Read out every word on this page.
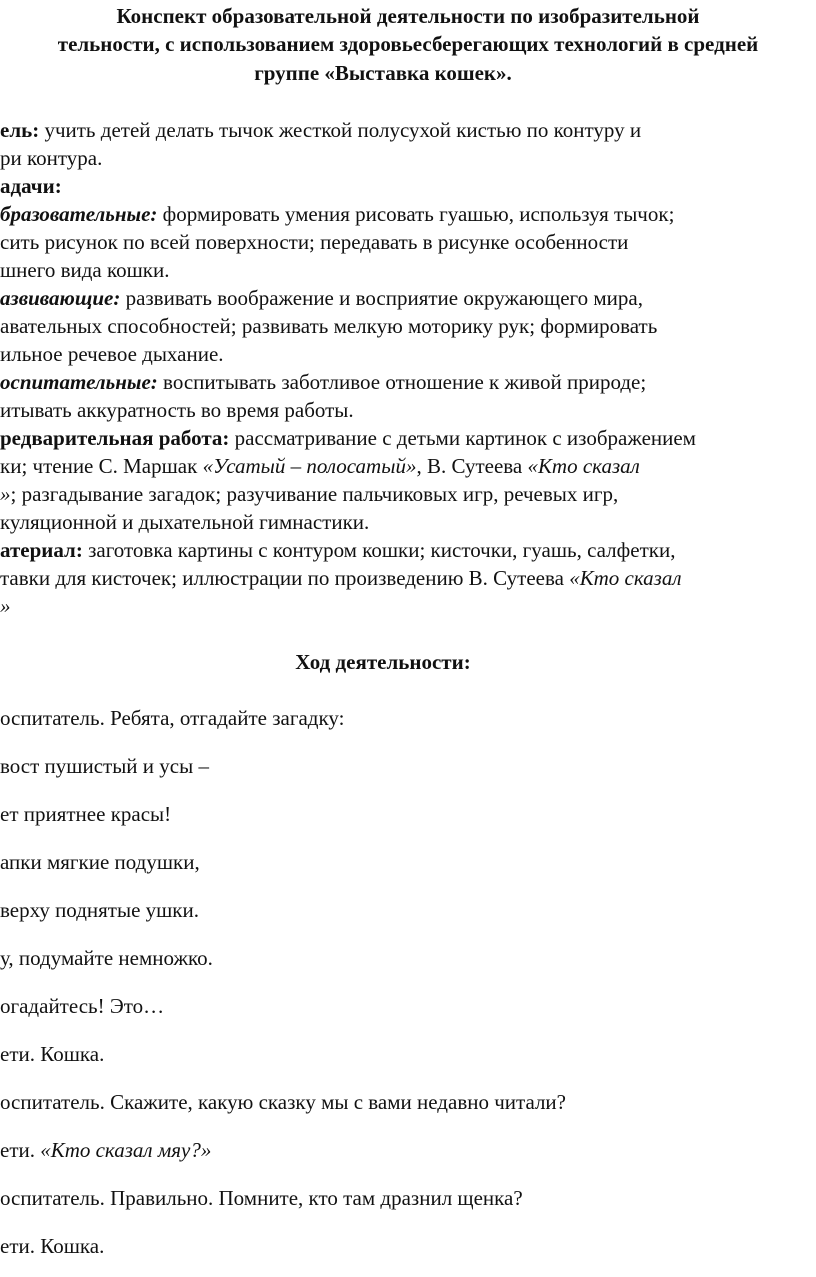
Конспект образовательной деятельности по изобразительной
тельности, с использованием здоровьесберегающих технологий в средней
группе «Выставка кошек».
ель: учить детей делать тычок жесткой полусухой кистью по контуру и
ри контура.
адачи:
бразовательные: формировать умения рисовать гуашью, используя тычок;
сить рисунок по всей поверхности; передавать в рисунке особенности
шнего вида кошки.
азвивающие: развивать воображение и восприятие окружающего мира,
авательных способностей; развивать мелкую моторику рук; формировать
ильное речевое дыхание.
оспитательные: воспитывать заботливое отношение к живой природе;
итывать аккуратность во время работы.
редварительная работа: рассматривание с детьми картинок с изображением
ки; чтение С. Маршак «Усатый – полосатый», В. Сутеева «Кто сказал
»; разгадывание загадок; разучивание пальчиковых игр, речевых игр,
куляционной и дыхательной гимнастики.
атериал: заготовка картины с контуром кошки; кисточки, гуашь, салфетки,
тавки для кисточек; иллюстрации по произведению В. Сутеева «Кто сказал
»
Ход деятельности:
оспитатель. Ребята, отгадайте загадку:
вост пушистый и усы –
ет приятнее красы!
апки мягкие подушки,
верху поднятые ушки.
у, подумайте немножко.
огадайтесь! Это…
ети. Кошка.
оспитатель. Скажите, какую сказку мы с вами недавно читали?
ети. «Кто сказал мяу?»
оспитатель. Правильно. Помните, кто там дразнил щенка?
ети. Кошка.
